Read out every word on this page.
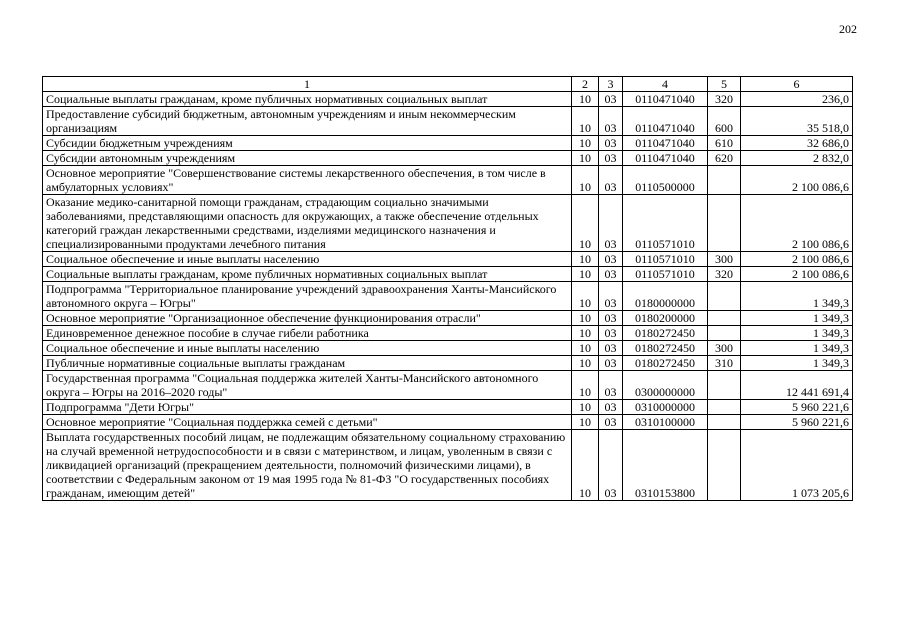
202
1	2	3	4	5	6
Социальные выплаты гражданам, кроме публичных нормативных социальных выплат	10	03	0110471040	320	236,0
Предоставление субсидий бюджетным, автономным учреждениям и иным некоммерческим организациям	10	03	0110471040	600	35 518,0
Субсидии бюджетным учреждениям	10	03	0110471040	610	32 686,0
Субсидии автономным учреждениям	10	03	0110471040	620	2 832,0
Основное мероприятие "Совершенствование системы лекарственного обеспечения, в том числе в амбулаторных условиях"	10	03	0110500000		2 100 086,6
Оказание медико-санитарной помощи гражданам, страдающим социально значимыми заболеваниями, представляющими опасность для окружающих, а также обеспечение отдельных категорий граждан лекарственными средствами, изделиями медицинского назначения и специализированными продуктами лечебного питания	10	03	0110571010		2 100 086,6
Социальное обеспечение и иные выплаты населению	10	03	0110571010	300	2 100 086,6
Социальные выплаты гражданам, кроме публичных нормативных социальных выплат	10	03	0110571010	320	2 100 086,6
Подпрограмма "Территориальное планирование учреждений здравоохранения Ханты-Мансийского автономного округа – Югры"	10	03	0180000000		1 349,3
Основное мероприятие "Организационное обеспечение функционирования отрасли"	10	03	0180200000		1 349,3
Единовременное денежное пособие в случае гибели работника	10	03	0180272450		1 349,3
Социальное обеспечение и иные выплаты населению	10	03	0180272450	300	1 349,3
Публичные нормативные социальные выплаты гражданам	10	03	0180272450	310	1 349,3
Государственная программа "Социальная поддержка жителей Ханты-Мансийского автономного округа – Югры на 2016–2020 годы"	10	03	0300000000		12 441 691,4
Подпрограмма "Дети Югры"	10	03	0310000000		5 960 221,6
Основное мероприятие "Социальная поддержка семей с детьми"	10	03	0310100000		5 960 221,6
Выплата государственных пособий лицам, не подлежащим обязательному социальному страхованию на случай временной нетрудоспособности и в связи с материнством, и лицам, уволенным в связи с ликвидацией организаций (прекращением деятельности, полномочий физическими лицами), в соответствии с Федеральным законом от 19 мая 1995 года № 81-ФЗ "О государственных пособиях гражданам, имеющим детей"	10	03	0310153800		1 073 205,6
